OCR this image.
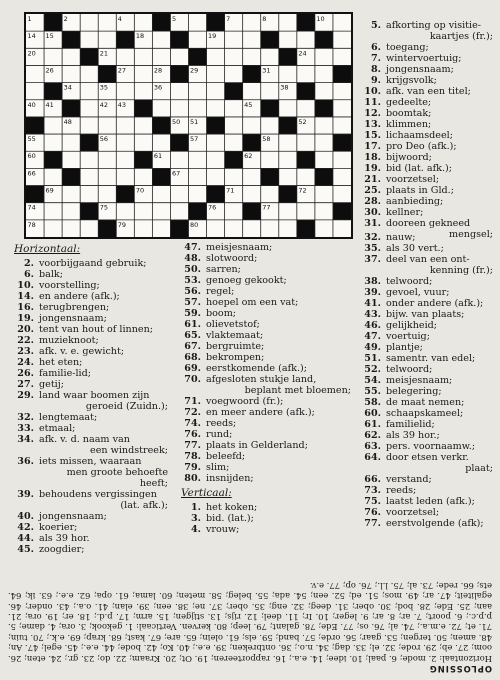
1	2	4	5	7	8	10
14 15	18	19
20	21	24
26	27	28	29	31
34	35	36	38
40 41	42 43	45
48	50 51	52
55	56	57	58
60	61	62
66	67
69	70	71	72
74	75	76	77
78	79	80
5. afkorting op visitie-
kaartjes (fr.);
6. toegang;
7. wintervoertuig;
8. jongensnaam;
9. krijgsvolk;
10. afk. van een titel;
11. gedeelte;
12. boomtak;
13. klimmen;
15. lichaamsdeel;
17. pro Deo (afk.);
18. bijwoord;
19. bid (lat. afk.);
21. voorzetsel;
25. plaats in Gld.;
28. aanbieding;
30. kellner;
31. dooreen gekneed
mengsel;
Horizontaal:
2. voorbijgaand gebruik;
6. balk;
10. voorstelling;
14. en andere (afk.);
16. terugbrengen;
19. jongensnaam;
20. tent van hout of linnen;
22. muzieknoot;
23. afk. v. e. gewicht;
24. het eten;
26. familie-lid;
27. getij;
29. land waar boomen zijn
geroeid (Zuidn.);
32. lengtemaat;
33. etmaal;
34. afk. v. d. naam van
een windstreek;
36. iets missen, waaraan
men groote behoefte heeft;
39. behoudens vergissingen
(lat. afk.);
40. jongensnaam;
42. koerier;
44. als 39 hor.
45. zoogdier;
47. meisjesnaam;
48. slotwoord;
50. sarren;
53. genoeg gekookt;
56. regel;
57. hoepel om een vat;
59. boom;
61. olievetstof;
65. vlaktemaat;
67. bergruimte;
68. bekrompen;
69. eerstkomende (afk.);
70. afgesloten stukje land,
beplant met bloemen;
71. voegwoord (fr.);
72. en meer andere (afk.);
74. reeds;
76. rund;
77. plaats in Gelderland;
78. beleefd;
79. slim;
80. insnijden;
Verticaal:
1. het koken;
3. bid. (lat.);
4. vrouw;
32. nauw;
35. als 30 vert.;
37. deel van een ont-
kenning (fr.);
38. telwoord;
39. gevoel, vuur;
41. onder andere (afk.);
43. bijw. van plaats;
46. gelijkheid;
47. voertuig;
49. plantje;
51. samentr. van edel;
52. telwoord;
54. meisjesnaam;
55. belegering;
58. de maat nemen;
60. schaapskameel;
61. familielid;
62. als 39 hor.;
63. pers. voornaamw.;
64. door etsen verkr.
plaat;
66. verstand;
73. reeds;
75. laatst leden (afk.);
76. voorzetsel;
77. eerstvolgende (afk);
OPLOSSING
Horizontaal: 2. mode; 6. paal; 10. idee; 14. e.a.; 16. rapporteeren; 19. Ot; 20. Kraam; 22. do; 23. gr.; 24. eten; 26. oom; 27. eb; 29. rode; 32. el; 33. dag; 34. n.o.; 36. ontbreken; 39. e.e.; 40. Ko; 42. bode; 44. e.e.; 45. egel; 47. An; 48. amen; 50. tergen; 53. gaar; 56. orde; 57. band; 59. els; 61. olein; 65. are; 67. kast; 68. krap; 69. e.k.; 70. tuin; 71. et; 72. e.m.a.; 74. al; 76. os; 77. Ede; 78. galant; 79. leep; 80. kerven. Verticaal: 1. gekook; 3. ora; 4. dame; 5. p.p.c.; 6. poort; 7. ar; 8. ar; 9. leger; 10. Ir; 11. deel; 12. rijs; 13. stijgen; 15. arm; 17. p.d.; 18. er; 19. ora; 21. aan; 25. Ede; 28. bod; 30. ober; 31. deeg; 32. eng; 35. ober; 37. ne; 38. een; 39. elan; 41. o.a.; 43. onder; 46. egaliteit; 47. ar; 49. mos; 51. ed; 52. een; 54. ada; 55. beleg; 58. meten; 60. lama; 61. opa; 62. e.e.; 63. ik; 64. ets; 66. rede; 73. al; 75. l.l.; 76. op; 77. e.v.
